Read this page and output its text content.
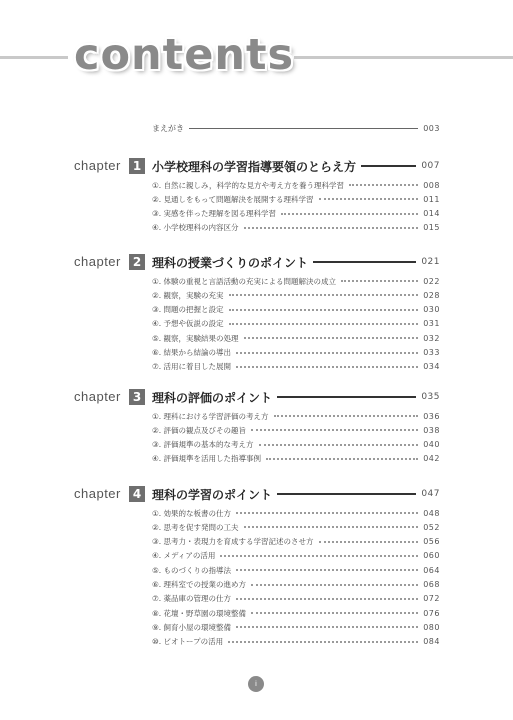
contents
まえがき	003
chapter 1 小学校理科の学習指導要領のとらえ方	007
①. 自然に親しみ，科学的な見方や考え方を養う理科学習	008
②. 見通しをもって問題解決を展開する理科学習	011
③. 実感を伴った理解を図る理科学習	014
④. 小学校理科の内容区分	015
chapter 2 理科の授業づくりのポイント	021
①. 体験の重視と言語活動の充実による問題解決の成立	022
②. 観察，実験の充実	028
③. 問題の把握と設定	030
④. 予想や仮説の設定	031
⑤. 観察，実験結果の処理	032
⑥. 結果から結論の導出	033
⑦. 活用に着目した展開	034
chapter 3 理科の評価のポイント	035
①. 理科における学習評価の考え方	036
②. 評価の観点及びその趣旨	038
③. 評価規準の基本的な考え方	040
④. 評価規準を活用した指導事例	042
chapter 4 理科の学習のポイント	047
①. 効果的な板書の仕方	048
②. 思考を促す発問の工夫	052
③. 思考力・表現力を育成する学習記述のさせ方	056
④. メディアの活用	060
⑤. ものづくりの指導法	064
⑥. 理科室での授業の進め方	068
⑦. 薬品庫の管理の仕方	072
⑧. 花壇・野草園の環境整備	076
⑨. 飼育小屋の環境整備	080
⑩. ビオトープの活用	084
i
